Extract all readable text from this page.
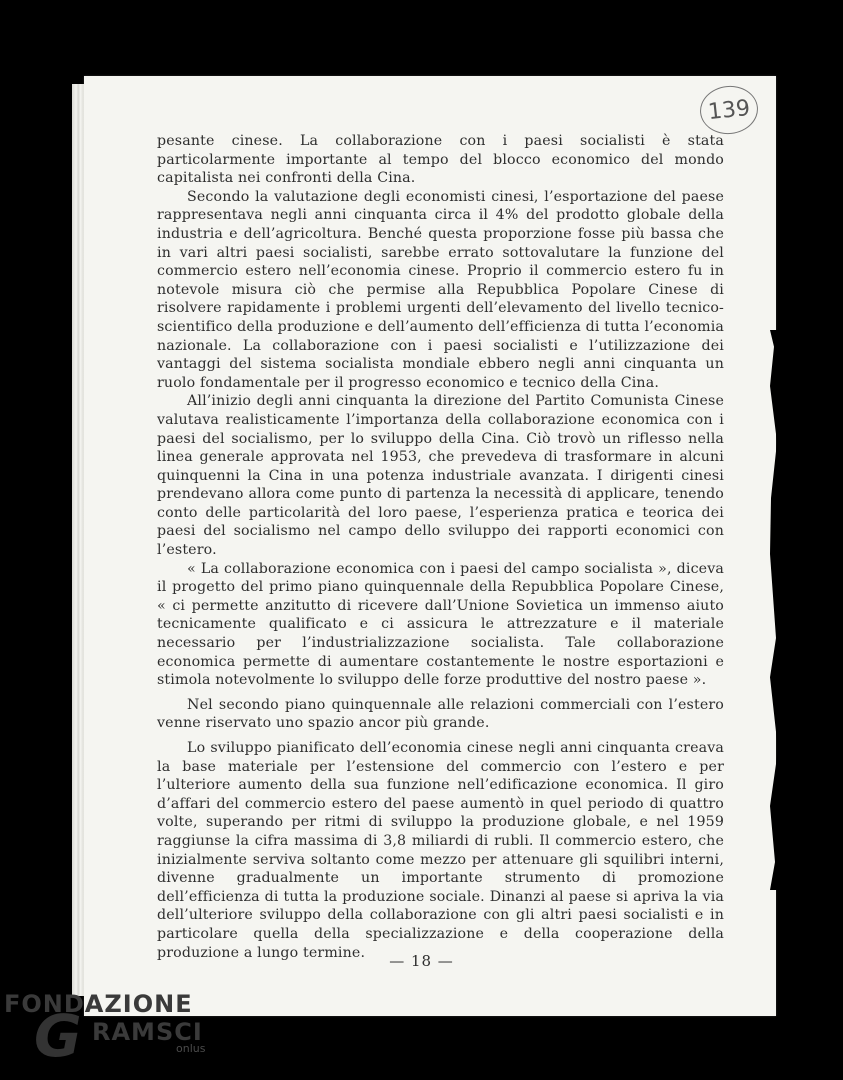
139

pesante cinese. La collaborazione con i paesi socialisti è stata particolarmente importante al tempo del blocco economico del mondo capitalista nei confronti della Cina.

Secondo la valutazione degli economisti cinesi, l’esportazione del paese rappresentava negli anni cinquanta circa il 4% del prodotto globale della industria e dell’agricoltura. Benché questa proporzione fosse più bassa che in vari altri paesi socialisti, sarebbe errato sottovalutare la funzione del commercio estero nell’economia cinese. Proprio il commercio estero fu in notevole misura ciò che permise alla Repubblica Popolare Cinese di risolvere rapidamente i problemi urgenti dell’elevamento del livello tecnico-scientifico della produzione e dell’aumento dell’efficienza di tutta l’economia nazionale. La collaborazione con i paesi socialisti e l’utilizzazione dei vantaggi del sistema socialista mondiale ebbero negli anni cinquanta un ruolo fondamentale per il progresso economico e tecnico della Cina.

All’inizio degli anni cinquanta la direzione del Partito Comunista Cinese valutava realisticamente l’importanza della collaborazione economica con i paesi del socialismo, per lo sviluppo della Cina. Ciò trovò un riflesso nella linea generale approvata nel 1953, che prevedeva di trasformare in alcuni quinquenni la Cina in una potenza industriale avanzata. I dirigenti cinesi prendevano allora come punto di partenza la necessità di applicare, tenendo conto delle particolarità del loro paese, l’esperienza pratica e teorica dei paesi del socialismo nel campo dello sviluppo dei rapporti economici con l’estero.

« La collaborazione economica con i paesi del campo socialista », diceva il progetto del primo piano quinquennale della Repubblica Popolare Cinese, « ci permette anzitutto di ricevere dall’Unione Sovietica un immenso aiuto tecnicamente qualificato e ci assicura le attrezzature e il materiale necessario per l’industrializzazione socialista. Tale collaborazione economica permette di aumentare costantemente le nostre esportazioni e stimola notevolmente lo sviluppo delle forze produttive del nostro paese ».

Nel secondo piano quinquennale alle relazioni commerciali con l’estero venne riservato uno spazio ancor più grande.

Lo sviluppo pianificato dell’economia cinese negli anni cinquanta creava la base materiale per l’estensione del commercio con l’estero e per l’ulteriore aumento della sua funzione nell’edificazione economica. Il giro d’affari del commercio estero del paese aumentò in quel periodo di quattro volte, superando per ritmi di sviluppo la produzione globale, e nel 1959 raggiunse la cifra massima di 3,8 miliardi di rubli. Il commercio estero, che inizialmente serviva soltanto come mezzo per attenuare gli squilibri interni, divenne gradualmente un importante strumento di promozione dell’efficienza di tutta la produzione sociale. Dinanzi al paese si apriva la via dell’ulteriore sviluppo della collaborazione con gli altri paesi socialisti e in particolare quella della specializzazione e della cooperazione della produzione a lungo termine.	— 18 —
FONDAZIONE
G RAMSCI
onlus
